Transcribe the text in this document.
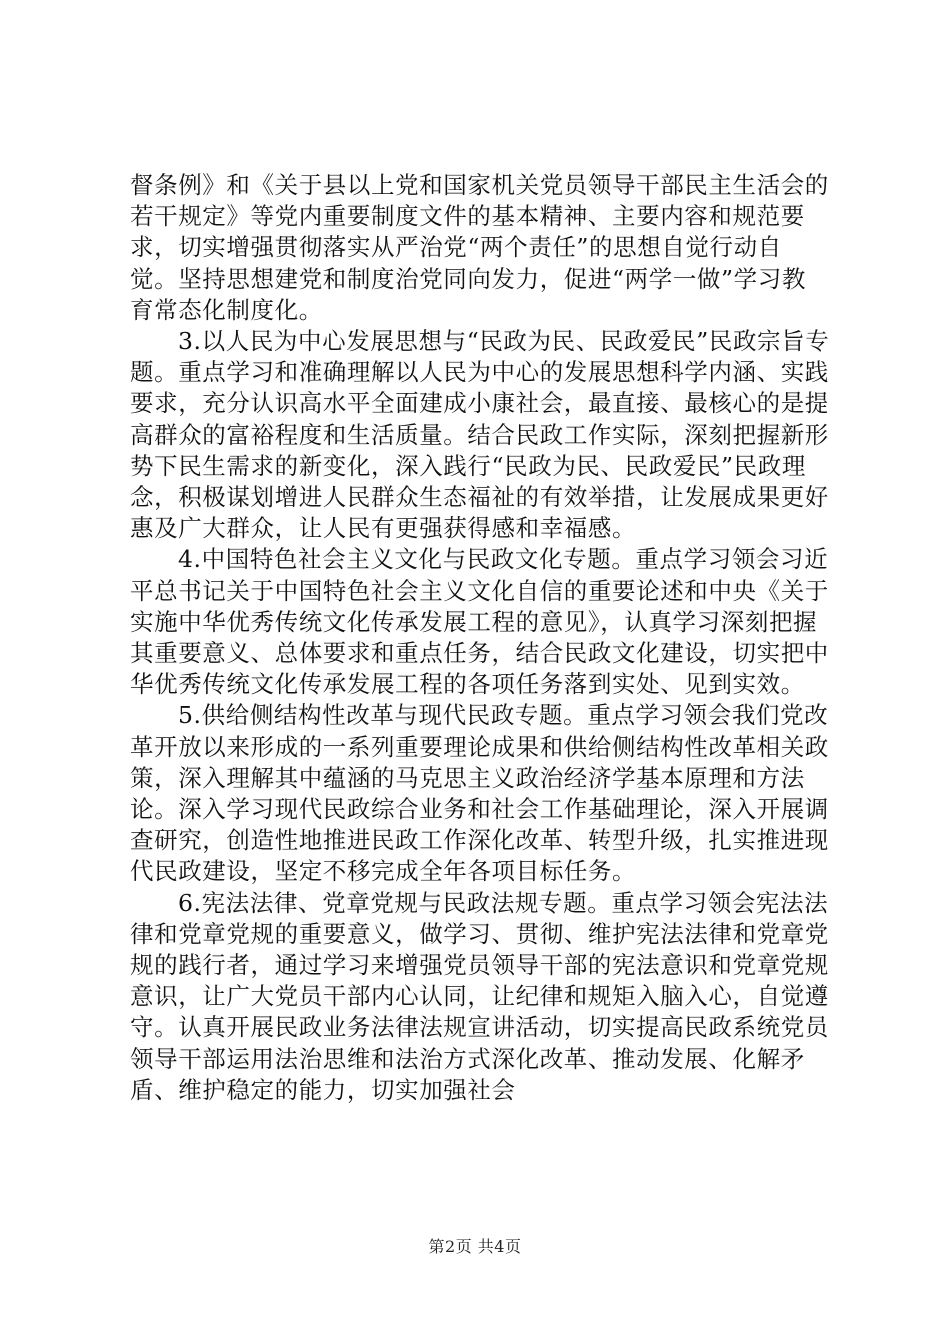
督条例》和《关于县以上党和国家机关党员领导干部民主生活会的若干规定》等党内重要制度文件的基本精神、主要内容和规范要求，切实增强贯彻落实从严治党“两个责任”的思想自觉行动自觉。坚持思想建党和制度治党同向发力，促进“两学一做”学习教育常态化制度化。

3.以人民为中心发展思想与“民政为民、民政爱民”民政宗旨专题。重点学习和准确理解以人民为中心的发展思想科学内涵、实践要求，充分认识高水平全面建成小康社会，最直接、最核心的是提高群众的富裕程度和生活质量。结合民政工作实际，深刻把握新形势下民生需求的新变化，深入践行“民政为民、民政爱民”民政理念，积极谋划增进人民群众生态福祉的有效举措，让发展成果更好惠及广大群众，让人民有更强获得感和幸福感。

4.中国特色社会主义文化与民政文化专题。重点学习领会习近平总书记关于中国特色社会主义文化自信的重要论述和中央《关于实施中华优秀传统文化传承发展工程的意见》，认真学习深刻把握其重要意义、总体要求和重点任务，结合民政文化建设，切实把中华优秀传统文化传承发展工程的各项任务落到实处、见到实效。

5.供给侧结构性改革与现代民政专题。重点学习领会我们党改革开放以来形成的一系列重要理论成果和供给侧结构性改革相关政策，深入理解其中蕴涵的马克思主义政治经济学基本原理和方法论。深入学习现代民政综合业务和社会工作基础理论，深入开展调查研究，创造性地推进民政工作深化改革、转型升级，扎实推进现代民政建设，坚定不移完成全年各项目标任务。

6.宪法法律、党章党规与民政法规专题。重点学习领会宪法法律和党章党规的重要意义，做学习、贯彻、维护宪法法律和党章党规的践行者，通过学习来增强党员领导干部的宪法意识和党章党规意识，让广大党员干部内心认同，让纪律和规矩入脑入心，自觉遵守。认真开展民政业务法律法规宣讲活动，切实提高民政系统党员领导干部运用法治思维和法治方式深化改革、推动发展、化解矛盾、维护稳定的能力，切实加强社会

第2页 共4页
